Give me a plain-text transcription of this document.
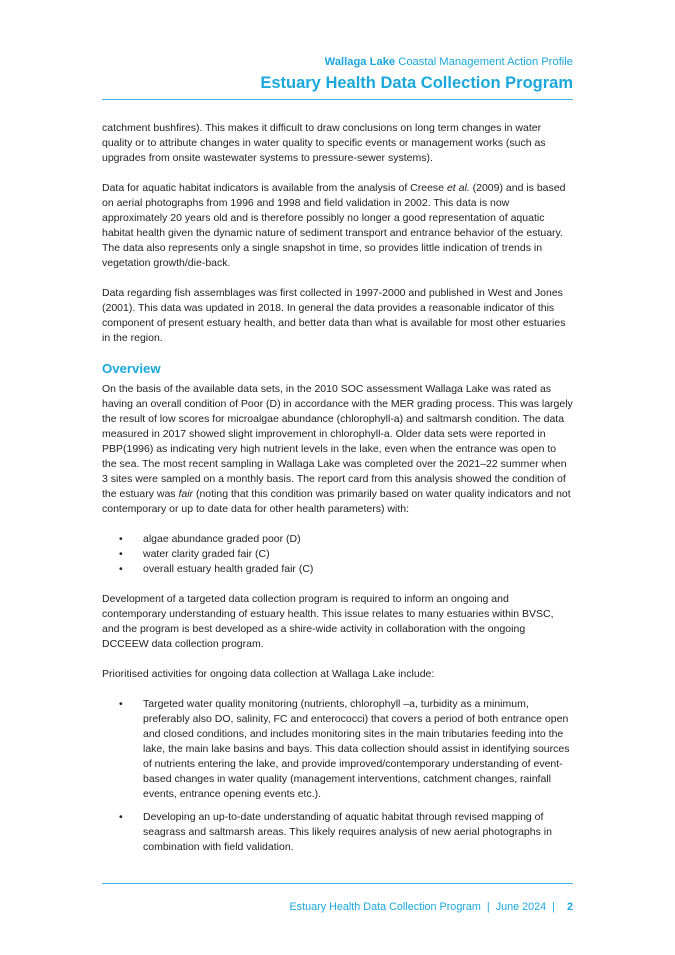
Wallaga Lake Coastal Management Action Profile
Estuary Health Data Collection Program

catchment bushfires). This makes it difficult to draw conclusions on long term changes in water quality or to attribute changes in water quality to specific events or management works (such as upgrades from onsite wastewater systems to pressure-sewer systems).

Data for aquatic habitat indicators is available from the analysis of Creese et al. (2009) and is based on aerial photographs from 1996 and 1998 and field validation in 2002. This data is now approximately 20 years old and is therefore possibly no longer a good representation of aquatic habitat health given the dynamic nature of sediment transport and entrance behavior of the estuary. The data also represents only a single snapshot in time, so provides little indication of trends in vegetation growth/die-back.

Data regarding fish assemblages was first collected in 1997-2000 and published in West and Jones (2001). This data was updated in 2018. In general the data provides a reasonable indicator of this component of present estuary health, and better data than what is available for most other estuaries in the region.

Overview

On the basis of the available data sets, in the 2010 SOC assessment Wallaga Lake was rated as having an overall condition of Poor (D) in accordance with the MER grading process. This was largely the result of low scores for microalgae abundance (chlorophyll-a) and saltmarsh condition. The data measured in 2017 showed slight improvement in chlorophyll-a. Older data sets were reported in PBP(1996) as indicating very high nutrient levels in the lake, even when the entrance was open to the sea. The most recent sampling in Wallaga Lake was completed over the 2021–22 summer when 3 sites were sampled on a monthly basis. The report card from this analysis showed the condition of the estuary was fair (noting that this condition was primarily based on water quality indicators and not contemporary or up to date data for other health parameters) with:

• algae abundance graded poor (D)
• water clarity graded fair (C)
• overall estuary health graded fair (C)

Development of a targeted data collection program is required to inform an ongoing and contemporary understanding of estuary health. This issue relates to many estuaries within BVSC, and the program is best developed as a shire-wide activity in collaboration with the ongoing DCCEEW data collection program.

Prioritised activities for ongoing data collection at Wallaga Lake include:

• Targeted water quality monitoring (nutrients, chlorophyll –a, turbidity as a minimum, preferably also DO, salinity, FC and enterococci) that covers a period of both entrance open and closed conditions, and includes monitoring sites in the main tributaries feeding into the lake, the main lake basins and bays. This data collection should assist in identifying sources of nutrients entering the lake, and provide improved/contemporary understanding of event-based changes in water quality (management interventions, catchment changes, rainfall events, entrance opening events etc.).
• Developing an up-to-date understanding of aquatic habitat through revised mapping of seagrass and saltmarsh areas. This likely requires analysis of new aerial photographs in combination with field validation.
Estuary Health Data Collection Program | June 2024 | 2
